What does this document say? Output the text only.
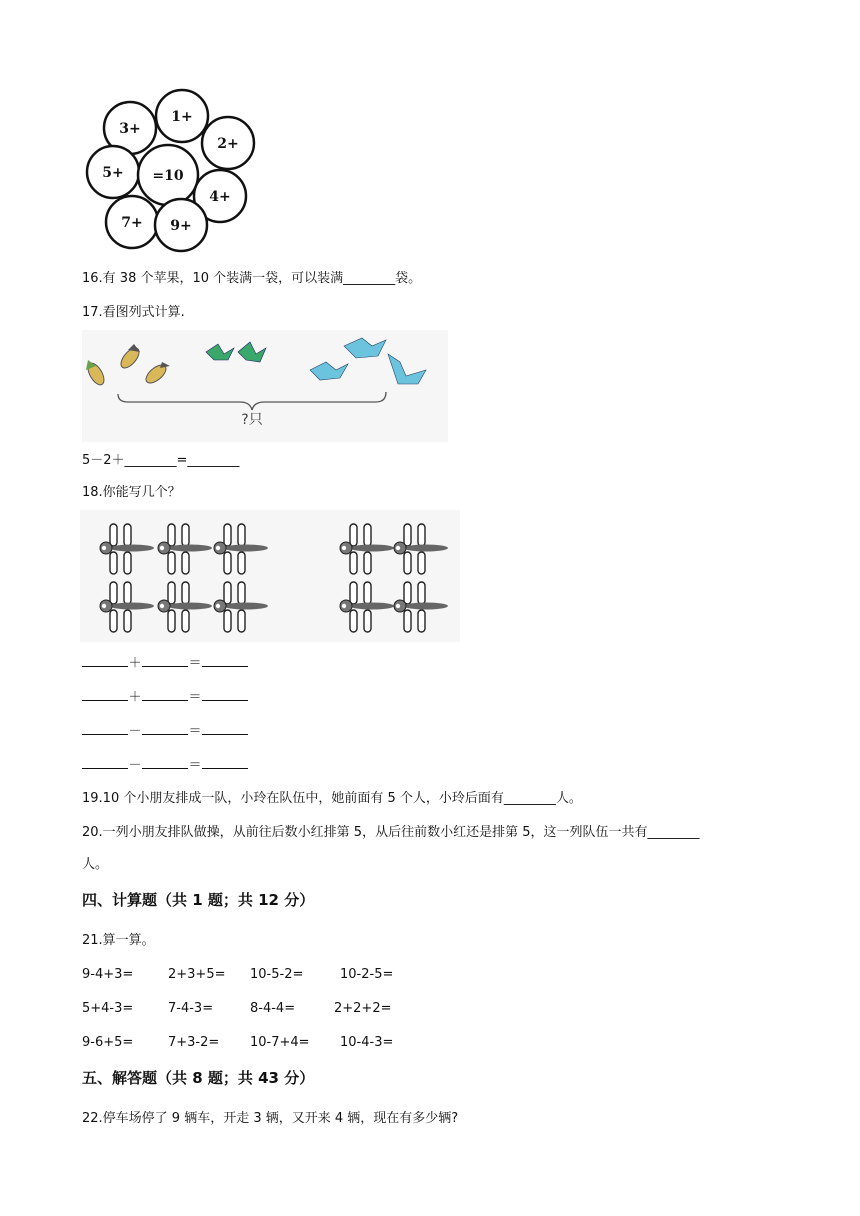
1+
3+
2+
5+ =10
4+
7+ 9+
16.有 38 个苹果，10 个装满一袋，可以装满________袋。
17.看图列式计算.
?只
5－2＋________=________
18.你能写几个？
＋	＝
＋	＝
－	＝
－	＝
19.10 个小朋友排成一队，小玲在队伍中，她前面有 5 个人，小玲后面有________人。
20.一列小朋友排队做操，从前往后数小红排第 5，从后往前数小红还是排第 5，这一列队伍一共有________
人。
四、计算题（共 1 题；共 12 分）
21.算一算。
9-4+3=	2+3+5= 10-5-2=	10-2-5=
5+4-3=	7-4-3=	8-4-4=	2+2+2=
9-6+5=	7+3-2= 10-7+4= 10-4-3=
五、解答题（共 8 题；共 43 分）
22.停车场停了 9 辆车，开走 3 辆，又开来 4 辆，现在有多少辆?
